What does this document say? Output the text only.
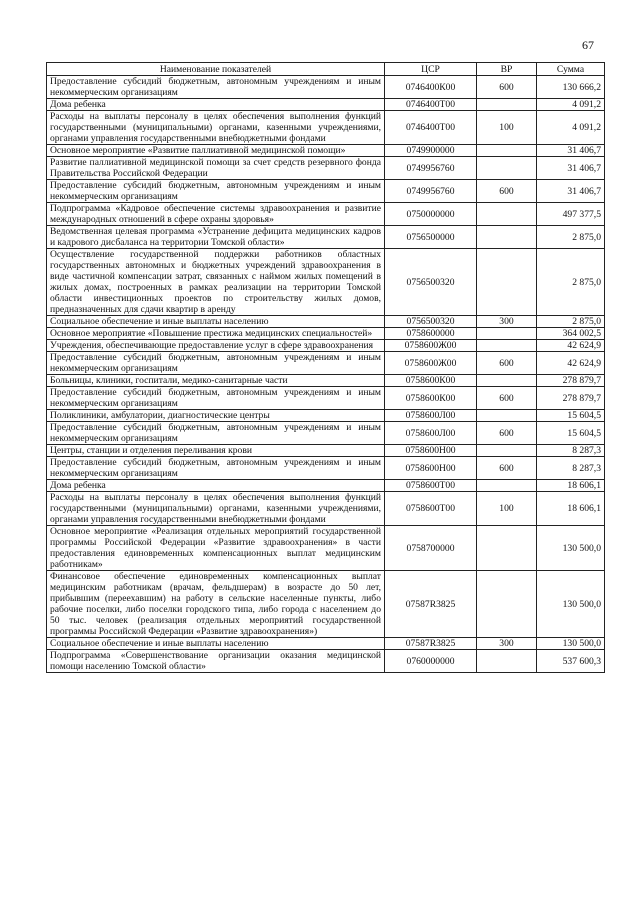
67
Наименование показателей	ЦСР	ВР	Сумма
Предоставление субсидий бюджетным, автономным учреждениям и иным некоммерческим организациям	0746400К00	600	130 666,2
Дома ребенка	0746400Т00		4 091,2
Расходы на выплаты персоналу в целях обеспечения выполнения функций государственными (муниципальными) органами, казенными учреждениями, органами управления государственными внебюджетными фондами	0746400Т00	100	4 091,2
Основное мероприятие «Развитие паллиативной медицинской помощи»	0749900000		31 406,7
Развитие паллиативной медицинской помощи за счет средств резервного фонда Правительства Российской Федерации	0749956760		31 406,7
Предоставление субсидий бюджетным, автономным учреждениям и иным некоммерческим организациям	0749956760	600	31 406,7
Подпрограмма «Кадровое обеспечение системы здравоохранения и развитие международных отношений в сфере охраны здоровья»	0750000000		497 377,5
Ведомственная целевая программа «Устранение дефицита медицинских кадров и кадрового дисбаланса на территории Томской области»	0756500000		2 875,0
Осуществление государственной поддержки работников областных государственных автономных и бюджетных учреждений здравоохранения в виде частичной компенсации затрат, связанных с наймом жилых помещений в жилых домах, построенных в рамках реализации на территории Томской области инвестиционных проектов по строительству жилых домов, предназначенных для сдачи квартир в аренду	0756500320		2 875,0
Социальное обеспечение и иные выплаты населению	0756500320	300	2 875,0
Основное мероприятие «Повышение престижа медицинских специальностей»	0758600000		364 002,5
Учреждения, обеспечивающие предоставление услуг в сфере здравоохранения	0758600Ж00		42 624,9
Предоставление субсидий бюджетным, автономным учреждениям и иным некоммерческим организациям	0758600Ж00	600	42 624,9
Больницы, клиники, госпитали, медико-санитарные части	0758600К00		278 879,7
Предоставление субсидий бюджетным, автономным учреждениям и иным некоммерческим организациям	0758600К00	600	278 879,7
Поликлиники, амбулатории, диагностические центры	0758600Л00		15 604,5
Предоставление субсидий бюджетным, автономным учреждениям и иным некоммерческим организациям	0758600Л00	600	15 604,5
Центры, станции и отделения переливания крови	0758600Н00		8 287,3
Предоставление субсидий бюджетным, автономным учреждениям и иным некоммерческим организациям	0758600Н00	600	8 287,3
Дома ребенка	0758600Т00		18 606,1
Расходы на выплаты персоналу в целях обеспечения выполнения функций государственными (муниципальными) органами, казенными учреждениями, органами управления государственными внебюджетными фондами	0758600Т00	100	18 606,1
Основное мероприятие «Реализация отдельных мероприятий государственной программы Российской Федерации «Развитие здравоохранения» в части предоставления единовременных компенсационных выплат медицинским работникам»	0758700000		130 500,0
Финансовое обеспечение единовременных компенсационных выплат медицинским работникам (врачам, фельдшерам) в возрасте до 50 лет, прибывшим (переехавшим) на работу в сельские населенные пункты, либо рабочие поселки, либо поселки городского типа, либо города с населением до 50 тыс. человек (реализация отдельных мероприятий государственной программы Российской Федерации «Развитие здравоохранения»)	07587R3825		130 500,0
Социальное обеспечение и иные выплаты населению	07587R3825	300	130 500,0
Подпрограмма «Совершенствование организации оказания медицинской помощи населению Томской области»	0760000000		537 600,3
